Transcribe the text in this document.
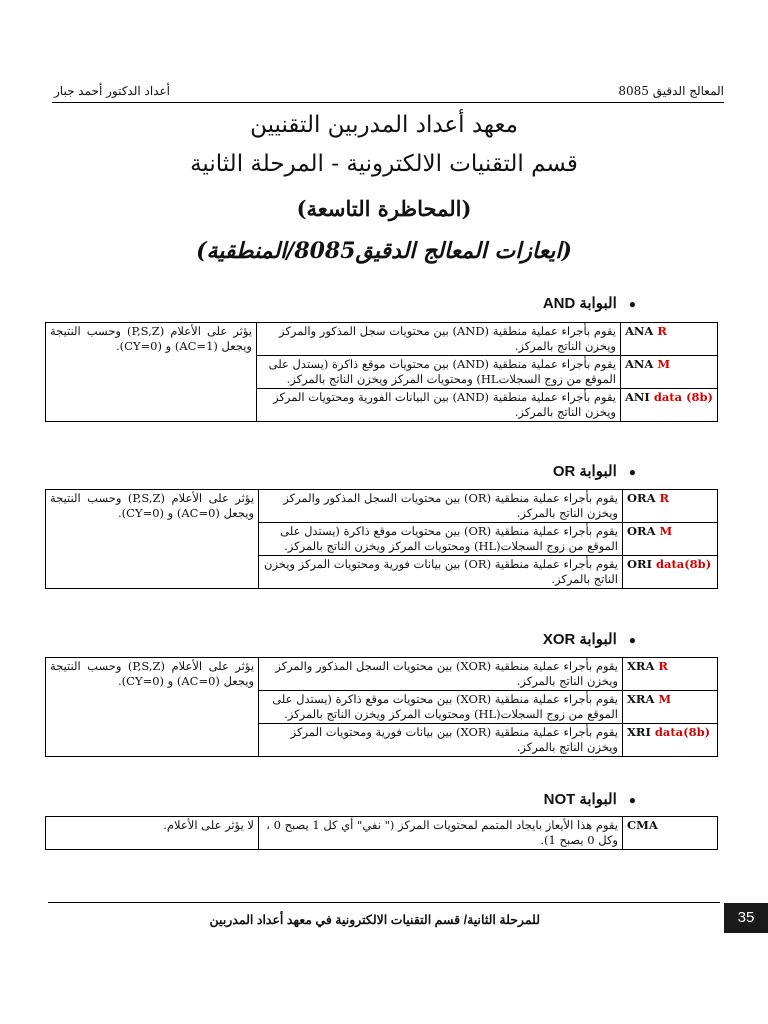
أعداد الدكتور أحمد جبار	المعالج الدقيق 8085
معهد أعداد المدربين التقنيين
قسم التقنيات الالكترونية - المرحلة الثانية
(المحاظرة التاسعة)
(ايعازات المعالج الدقيق8085/المنطقية)
●البوابةAND
ANA R	يقوم بأجراء عملية منطقية (AND) بين محتويات سجل المذكور والمركز ويخزن الناتج بالمركز.	يؤثر على الأعلام (P,S,Z) وحسب النتيجة ويجعل (AC=1) و (CY=0).
ANA M	يقوم بأجراء عملية منطقية (AND) بين محتويات موقع ذاكرة (يستدل على الموقع من زوج السجلاتHL) ومحتويات المركز ويخزن الناتج بالمركز.	
ANI data (8b)	يقوم بأجراء عملية منطقية (AND) بين البيانات الفورية ومحتويات المركز ويخزن الناتج بالمركز.	
●البوابةOR
ORA R	يقوم بأجراء عملية منطقية (OR) بين محتويات السجل المذكور والمركز ويخزن الناتج بالمركز.	يؤثر على الأعلام (P,S,Z) وحسب النتيجة ويجعل (AC=0) و (CY=0).
ORA M	يقوم بأجراء عملية منطقية (OR) بين محتويات موقع ذاكرة (يستدل على الموقع من زوج السجلات(HL) ومحتويات المركز ويخزن الناتج بالمركز.	
ORI data(8b)	يقوم بأجراء عملية منطقية (OR) بين بيانات فورية ومحتويات المركز ويخزن الناتج بالمركز.	
●البوابةXOR
XRA R	يقوم بأجراء عملية منطقية (XOR) بين محتويات السجل المذكور والمركز ويخزن الناتج بالمركز.	يؤثر على الأعلام (P,S,Z) وحسب النتيجة ويجعل (AC=0) و (CY=0).
XRA M	يقوم بأجراء عملية منطقية (XOR) بين محتويات موقع ذاكرة (يستدل على الموقع من زوج السجلات(HL) ومحتويات المركز ويخزن الناتج بالمركز.	
XRI data(8b)	يقوم بأجراء عملية منطقية (XOR) بين بيانات فورية ومحتويات المركز ويخزن الناتج بالمركز.	
●البوابةNOT
CMA	يقوم هذا الأيعاز بايجاد المتمم لمحتويات المركز (" نفي" أي كل 1 يصبح 0 ، وكل 0 يصبح 1).	لا يؤثر على الأعلام.
للمرحلة الثانية/ قسم التقنيات الالكترونية في معهد أعداد المدربين	35
